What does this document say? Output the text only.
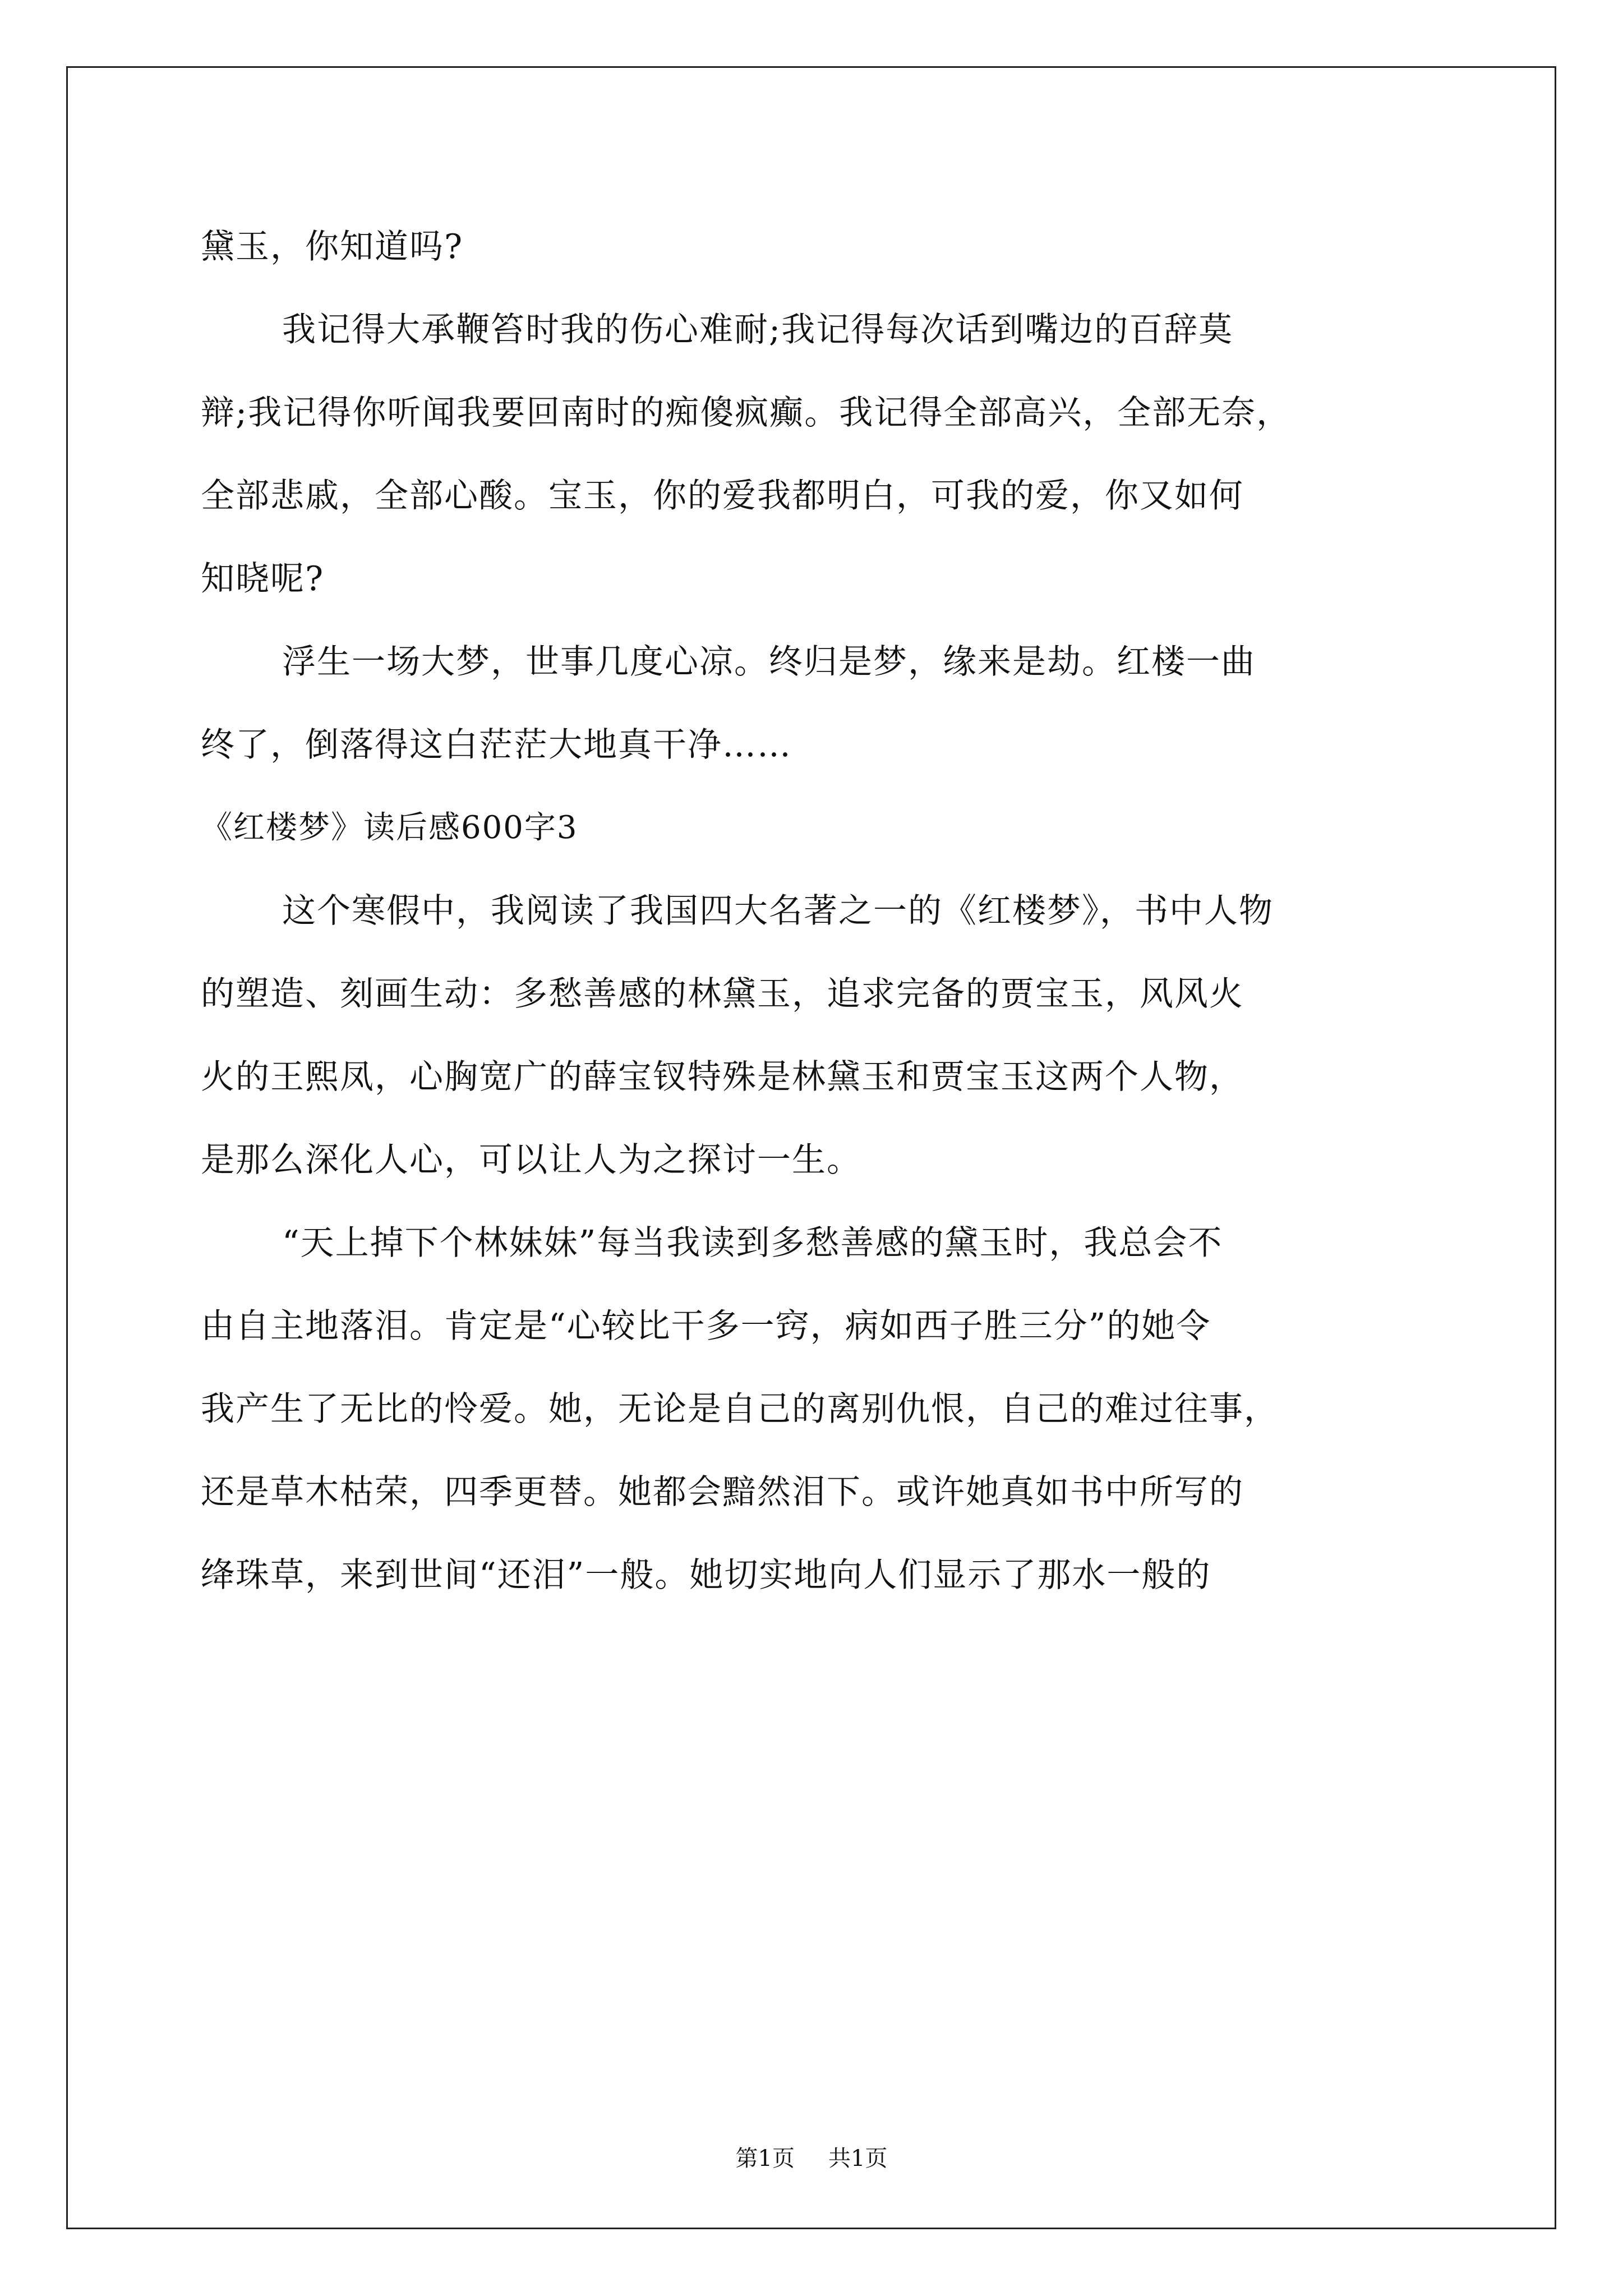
黛玉，你知道吗?
我记得大承鞭笞时我的伤心难耐;我记得每次话到嘴边的百辞莫
辩;我记得你听闻我要回南时的痴傻疯癫。我记得全部高兴，全部无奈，
全部悲戚，全部心酸。宝玉，你的爱我都明白，可我的爱，你又如何
知晓呢?
浮生一场大梦，世事几度心凉。终归是梦，缘来是劫。红楼一曲
终了，倒落得这白茫茫大地真干净……
《红楼梦》读后感600字3
这个寒假中，我阅读了我国四大名著之一的《红楼梦》，书中人物
的塑造、刻画生动：多愁善感的林黛玉，追求完备的贾宝玉，风风火
火的王熙凤，心胸宽广的薛宝钗特殊是林黛玉和贾宝玉这两个人物，
是那么深化人心，可以让人为之探讨一生。
“天上掉下个林妹妹”每当我读到多愁善感的黛玉时，我总会不
由自主地落泪。肯定是“心较比干多一窍，病如西子胜三分”的她令
我产生了无比的怜爱。她，无论是自己的离别仇恨，自己的难过往事，
还是草木枯荣，四季更替。她都会黯然泪下。或许她真如书中所写的
绛珠草，来到世间“还泪”一般。她切实地向人们显示了那水一般的
第1页 共1页
